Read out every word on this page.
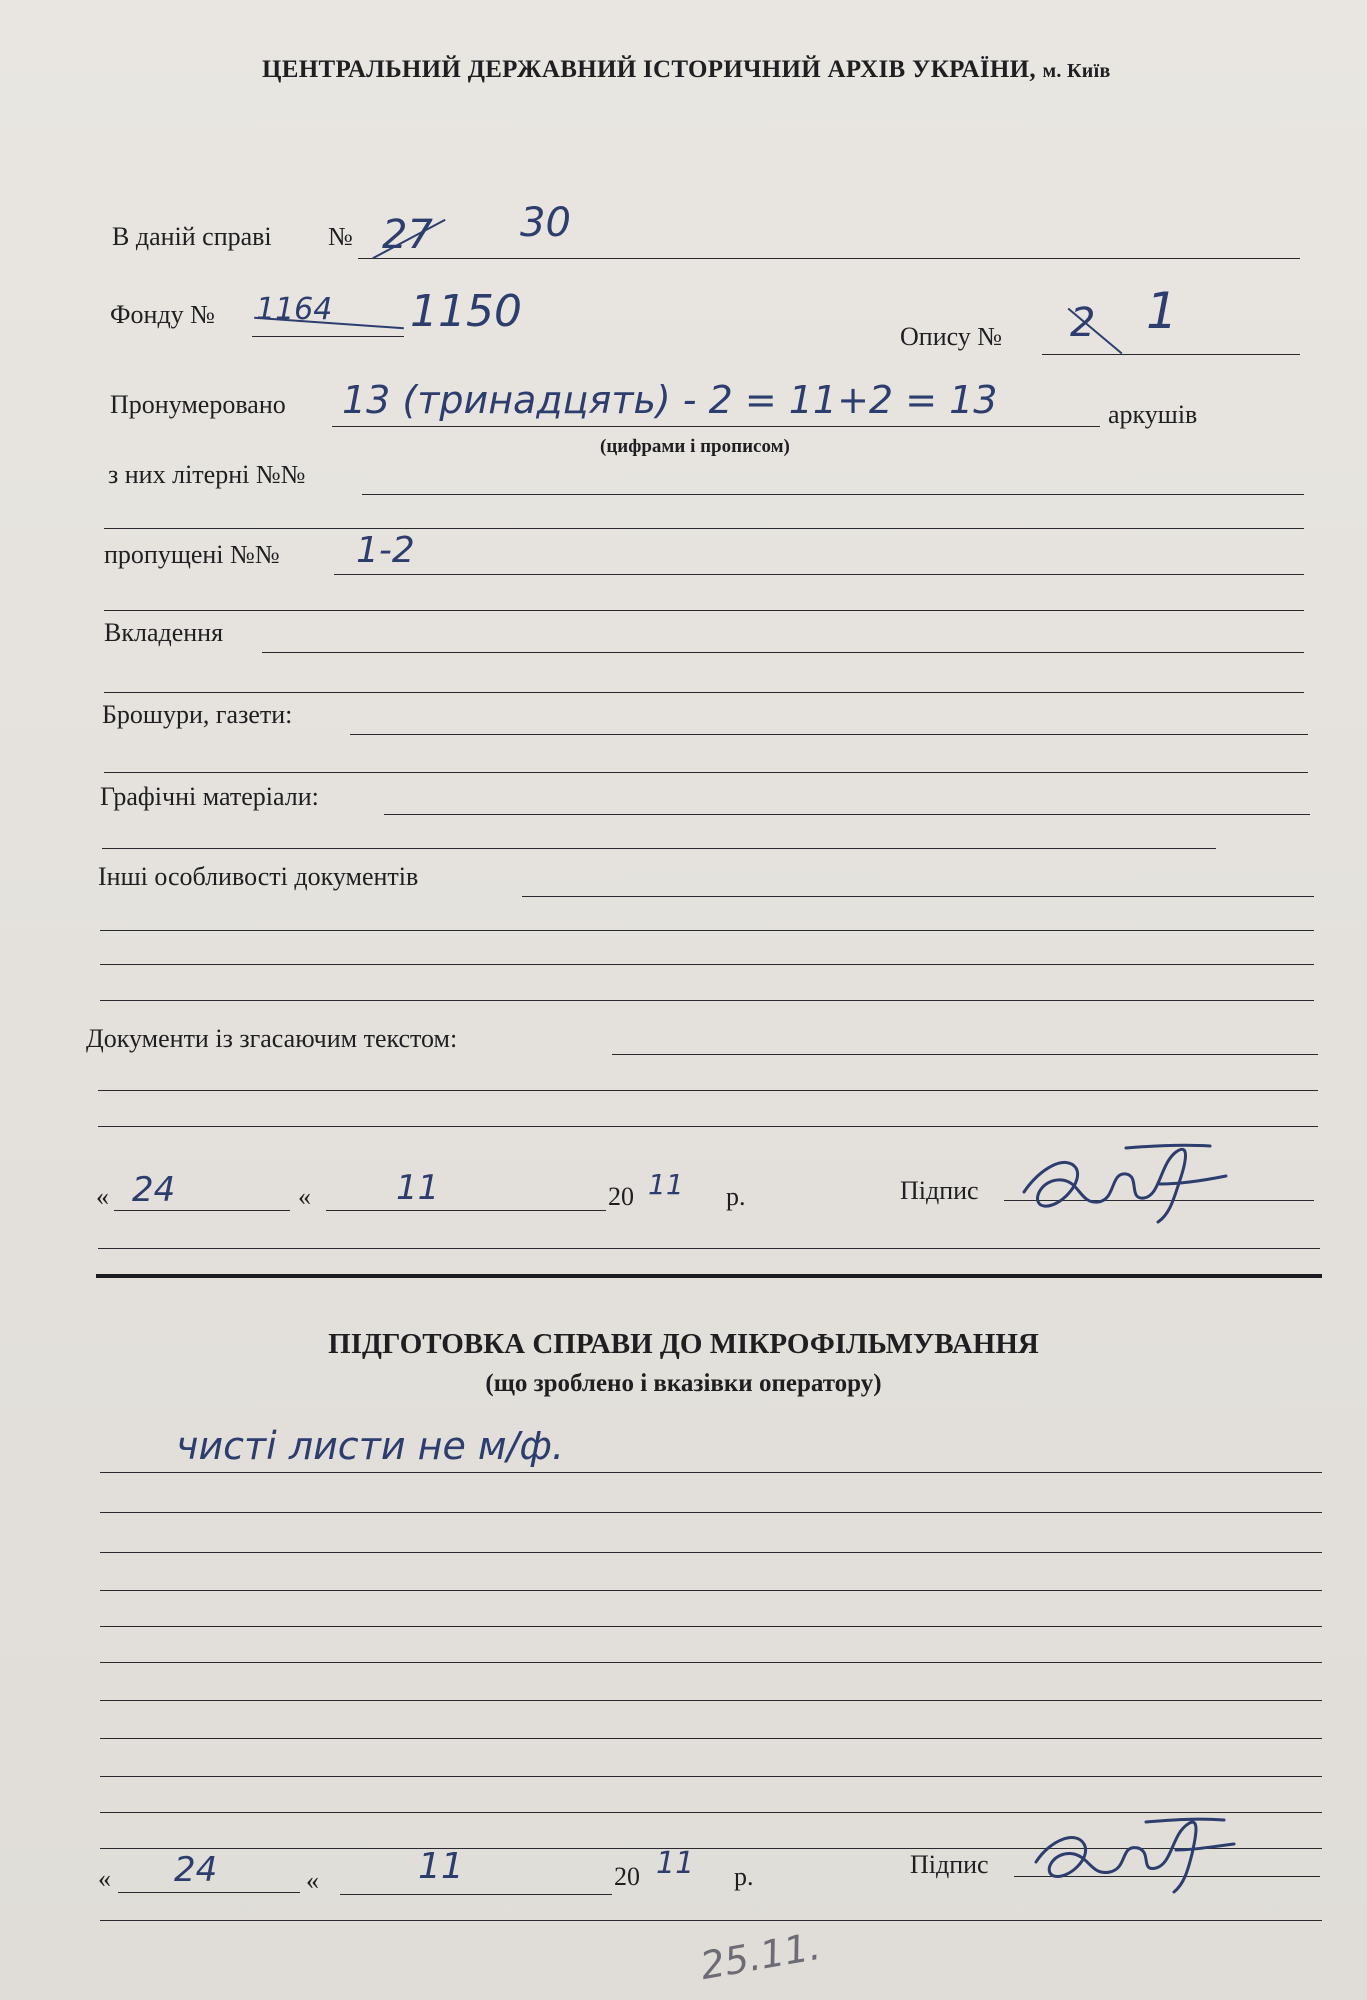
ЦЕНТРАЛЬНИЙ ДЕРЖАВНИЙ ІСТОРИЧНИЙ АРХІВ УКРАЇНИ, м. Київ
В даній справі № 27 30
Фонду № 1164 1150	Опису № 2 1
Пронумеровано 13 (тринадцять) - 2 = 11+2 = 13	аркушів
(цифрами і прописом)
з них літерні №№
пропущені №№ 1-2
Вкладення
Брошури, газети:
Графічні матеріали:
Інші особливості документів
Документи із згасаючим текстом:
« 24	«	11	20 11 р.	Підпис
ПІДГОТОВКА СПРАВИ ДО МІКРОФІЛЬМУВАННЯ
(що зроблено і вказівки оператору)
чисті листи не м/ф.
« 24	«	11	20 11 р.	Підпис
25.11.
